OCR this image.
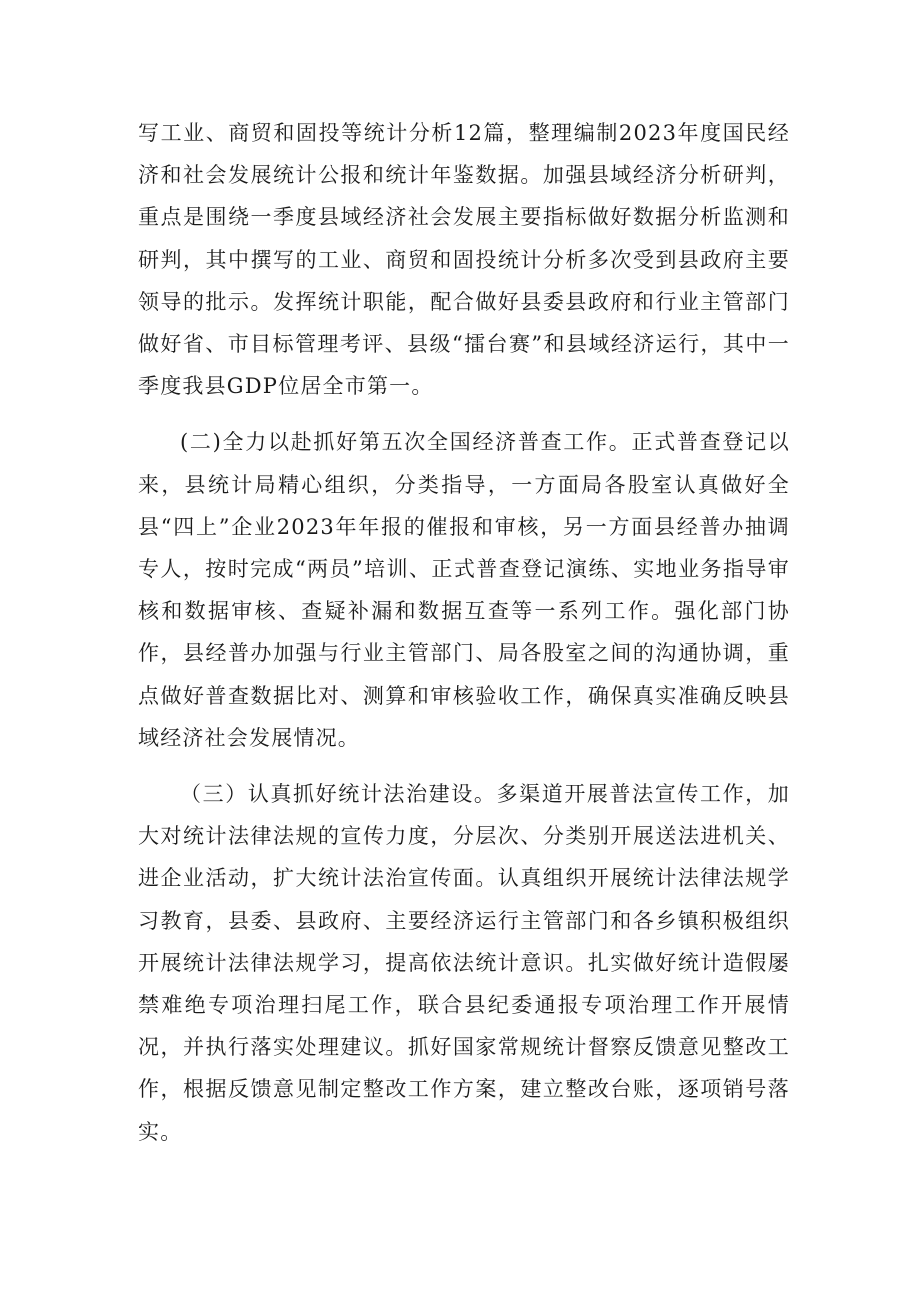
写工业、商贸和固投等统计分析12篇，整理编制2023年度国民经济和社会发展统计公报和统计年鉴数据。加强县域经济分析研判，重点是围绕一季度县域经济社会发展主要指标做好数据分析监测和研判，其中撰写的工业、商贸和固投统计分析多次受到县政府主要领导的批示。发挥统计职能，配合做好县委县政府和行业主管部门做好省、市目标管理考评、县级“擂台赛”和县域经济运行，其中一季度我县GDP位居全市第一。

(二)全力以赴抓好第五次全国经济普查工作。正式普查登记以来，县统计局精心组织，分类指导，一方面局各股室认真做好全县“四上”企业2023年年报的催报和审核，另一方面县经普办抽调专人，按时完成“两员”培训、正式普查登记演练、实地业务指导审核和数据审核、查疑补漏和数据互查等一系列工作。强化部门协作，县经普办加强与行业主管部门、局各股室之间的沟通协调，重点做好普查数据比对、测算和审核验收工作，确保真实准确反映县域经济社会发展情况。

（三）认真抓好统计法治建设。多渠道开展普法宣传工作，加大对统计法律法规的宣传力度，分层次、分类别开展送法进机关、进企业活动，扩大统计法治宣传面。认真组织开展统计法律法规学习教育，县委、县政府、主要经济运行主管部门和各乡镇积极组织开展统计法律法规学习，提高依法统计意识。扎实做好统计造假屡禁难绝专项治理扫尾工作，联合县纪委通报专项治理工作开展情况，并执行落实处理建议。抓好国家常规统计督察反馈意见整改工作，根据反馈意见制定整改工作方案，建立整改台账，逐项销号落实。
